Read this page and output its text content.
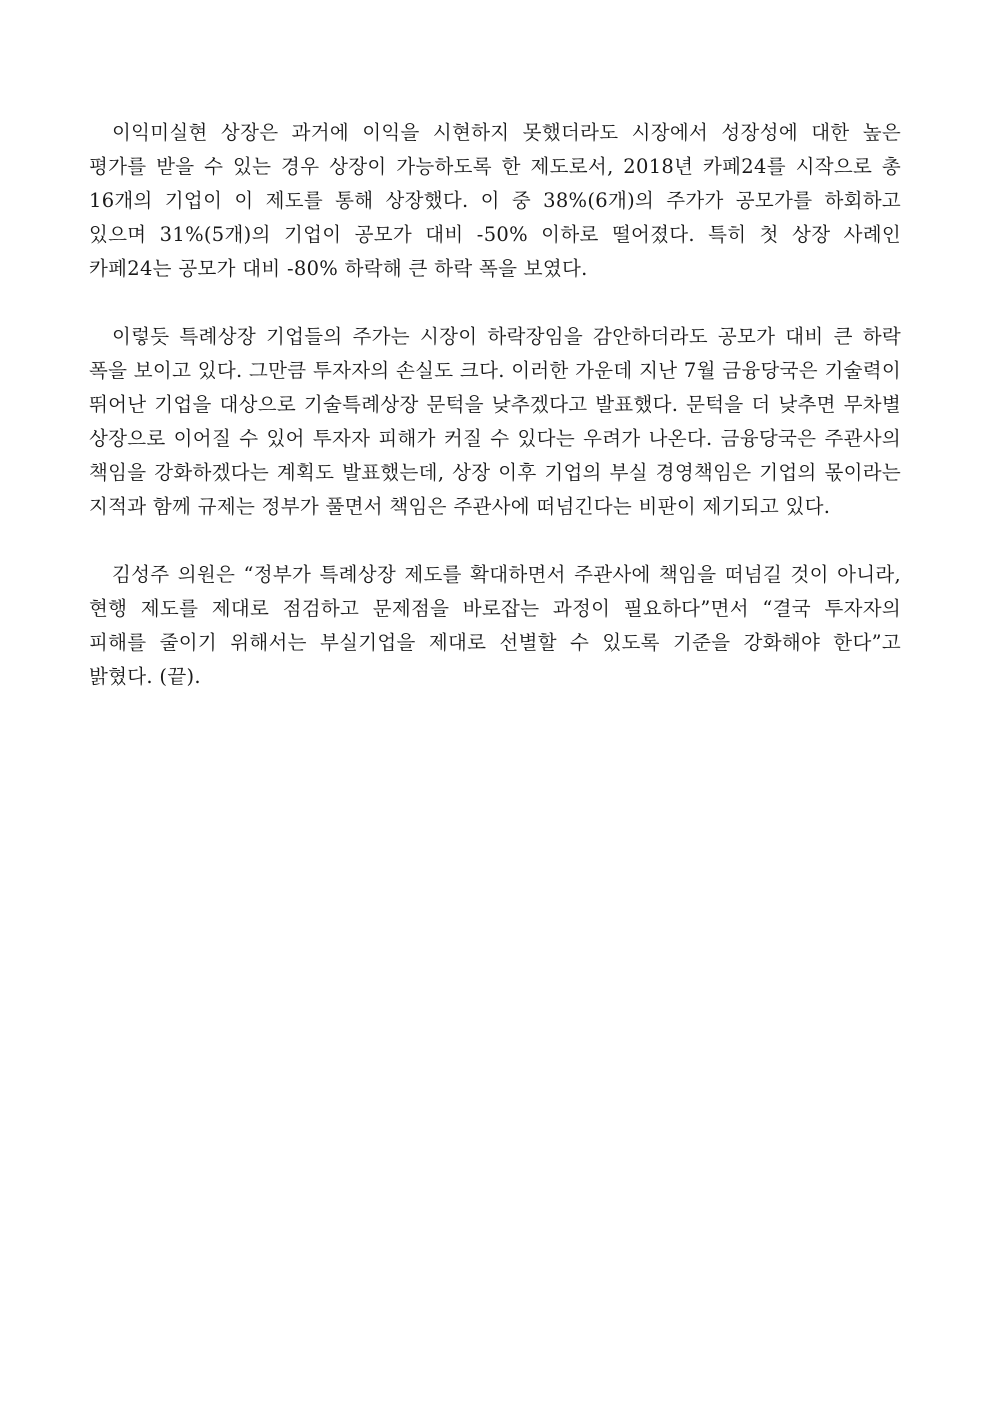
이익미실현 상장은 과거에 이익을 시현하지 못했더라도 시장에서 성장성에 대한 높은 평가를 받을 수 있는 경우 상장이 가능하도록 한 제도로서, 2018년 카페24를 시작으로 총 16개의 기업이 이 제도를 통해 상장했다. 이 중 38%(6개)의 주가가 공모가를 하회하고 있으며 31%(5개)의 기업이 공모가 대비 -50% 이하로 떨어졌다. 특히 첫 상장 사례인 카페24는 공모가 대비 -80% 하락해 큰 하락 폭을 보였다.

이렇듯 특례상장 기업들의 주가는 시장이 하락장임을 감안하더라도 공모가 대비 큰 하락 폭을 보이고 있다. 그만큼 투자자의 손실도 크다. 이러한 가운데 지난 7월 금융당국은 기술력이 뛰어난 기업을 대상으로 기술특례상장 문턱을 낮추겠다고 발표했다. 문턱을 더 낮추면 무차별 상장으로 이어질 수 있어 투자자 피해가 커질 수 있다는 우려가 나온다. 금융당국은 주관사의 책임을 강화하겠다는 계획도 발표했는데, 상장 이후 기업의 부실 경영책임은 기업의 몫이라는 지적과 함께 규제는 정부가 풀면서 책임은 주관사에 떠넘긴다는 비판이 제기되고 있다.

김성주 의원은 “정부가 특례상장 제도를 확대하면서 주관사에 책임을 떠넘길 것이 아니라, 현행 제도를 제대로 점검하고 문제점을 바로잡는 과정이 필요하다”면서 “결국 투자자의 피해를 줄이기 위해서는 부실기업을 제대로 선별할 수 있도록 기준을 강화해야 한다”고 밝혔다. (끝).
